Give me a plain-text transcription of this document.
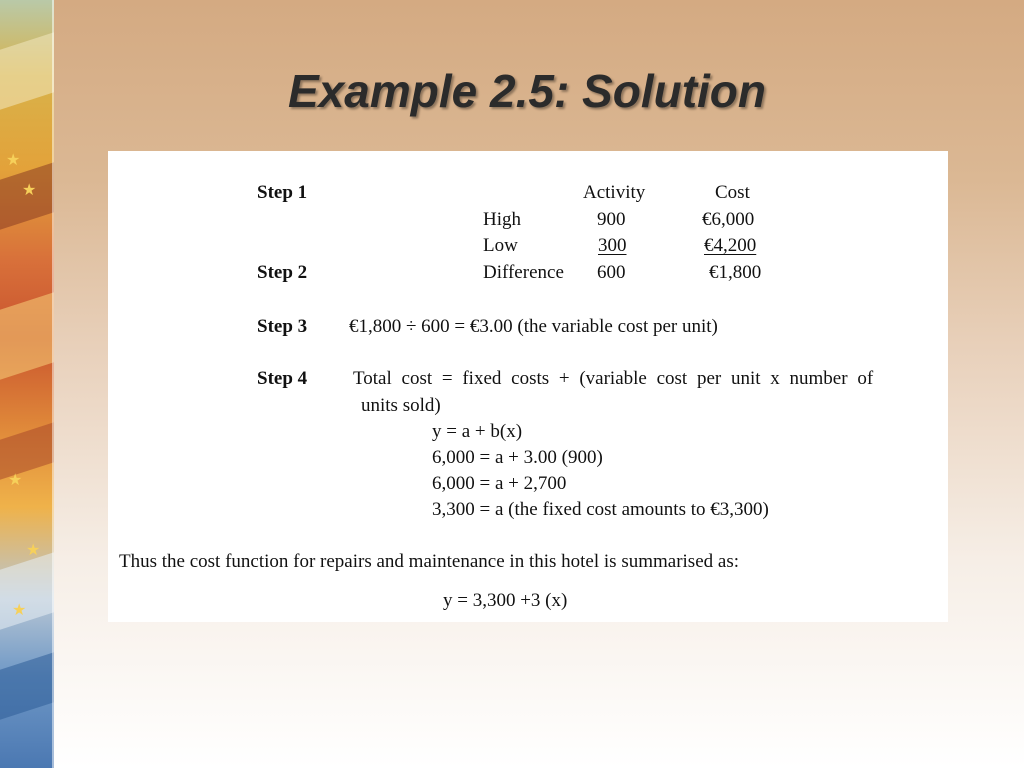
★
★
★
★
★
Example 2.5: Solution
Step 1	Activity	Cost
High	900	€6,000
Low	300	€4,200
Step 2	Difference 600	€1,800
Step 3 €1,800 ÷ 600 = €3.00 (the variable cost per unit)
Step 4 Total cost = fixed costs + (variable cost per unit x number of
units sold)
y = a + b(x)
6,000 = a + 3.00 (900)
6,000 = a + 2,700
3,300 = a (the fixed cost amounts to €3,300)
Thus the cost function for repairs and maintenance in this hotel is summarised as:
y = 3,300 +3 (x)
